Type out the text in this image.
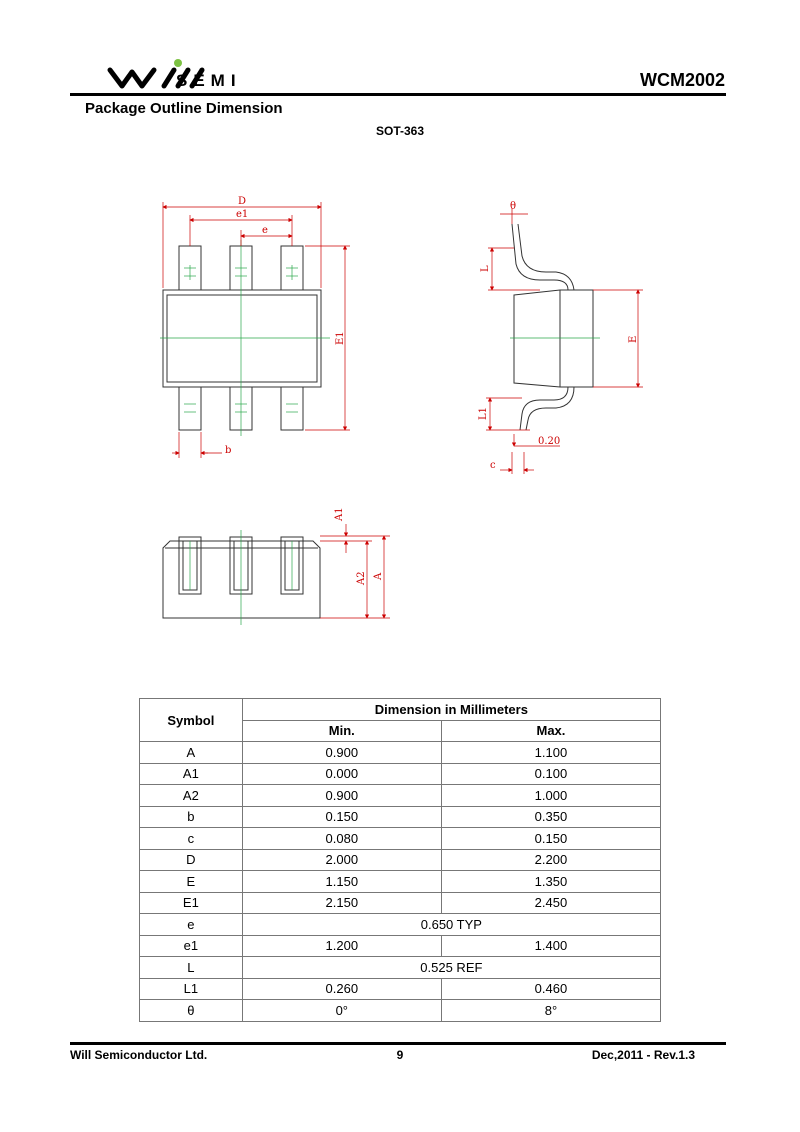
SEMI	WCM2002
Package Outline Dimension
SOT-363
D
e1
e
b
E1
θ
L
E
L1
0.20
c
A1
A2 A
Symbol	Dimension in Millimeters	
	Min.	Max.
A	0.900	1.100
A1	0.000	0.100
A2	0.900	1.000
b	0.150	0.350
c	0.080	0.150
D	2.000	2.200
E	1.150	1.350
E1	2.150	2.450
e	0.650 TYP	
e1	1.200	1.400
L	0.525 REF	
L1	0.260	0.460
θ	0°	8°
Will Semiconductor Ltd.	9	Dec,2011 - Rev.1.3
